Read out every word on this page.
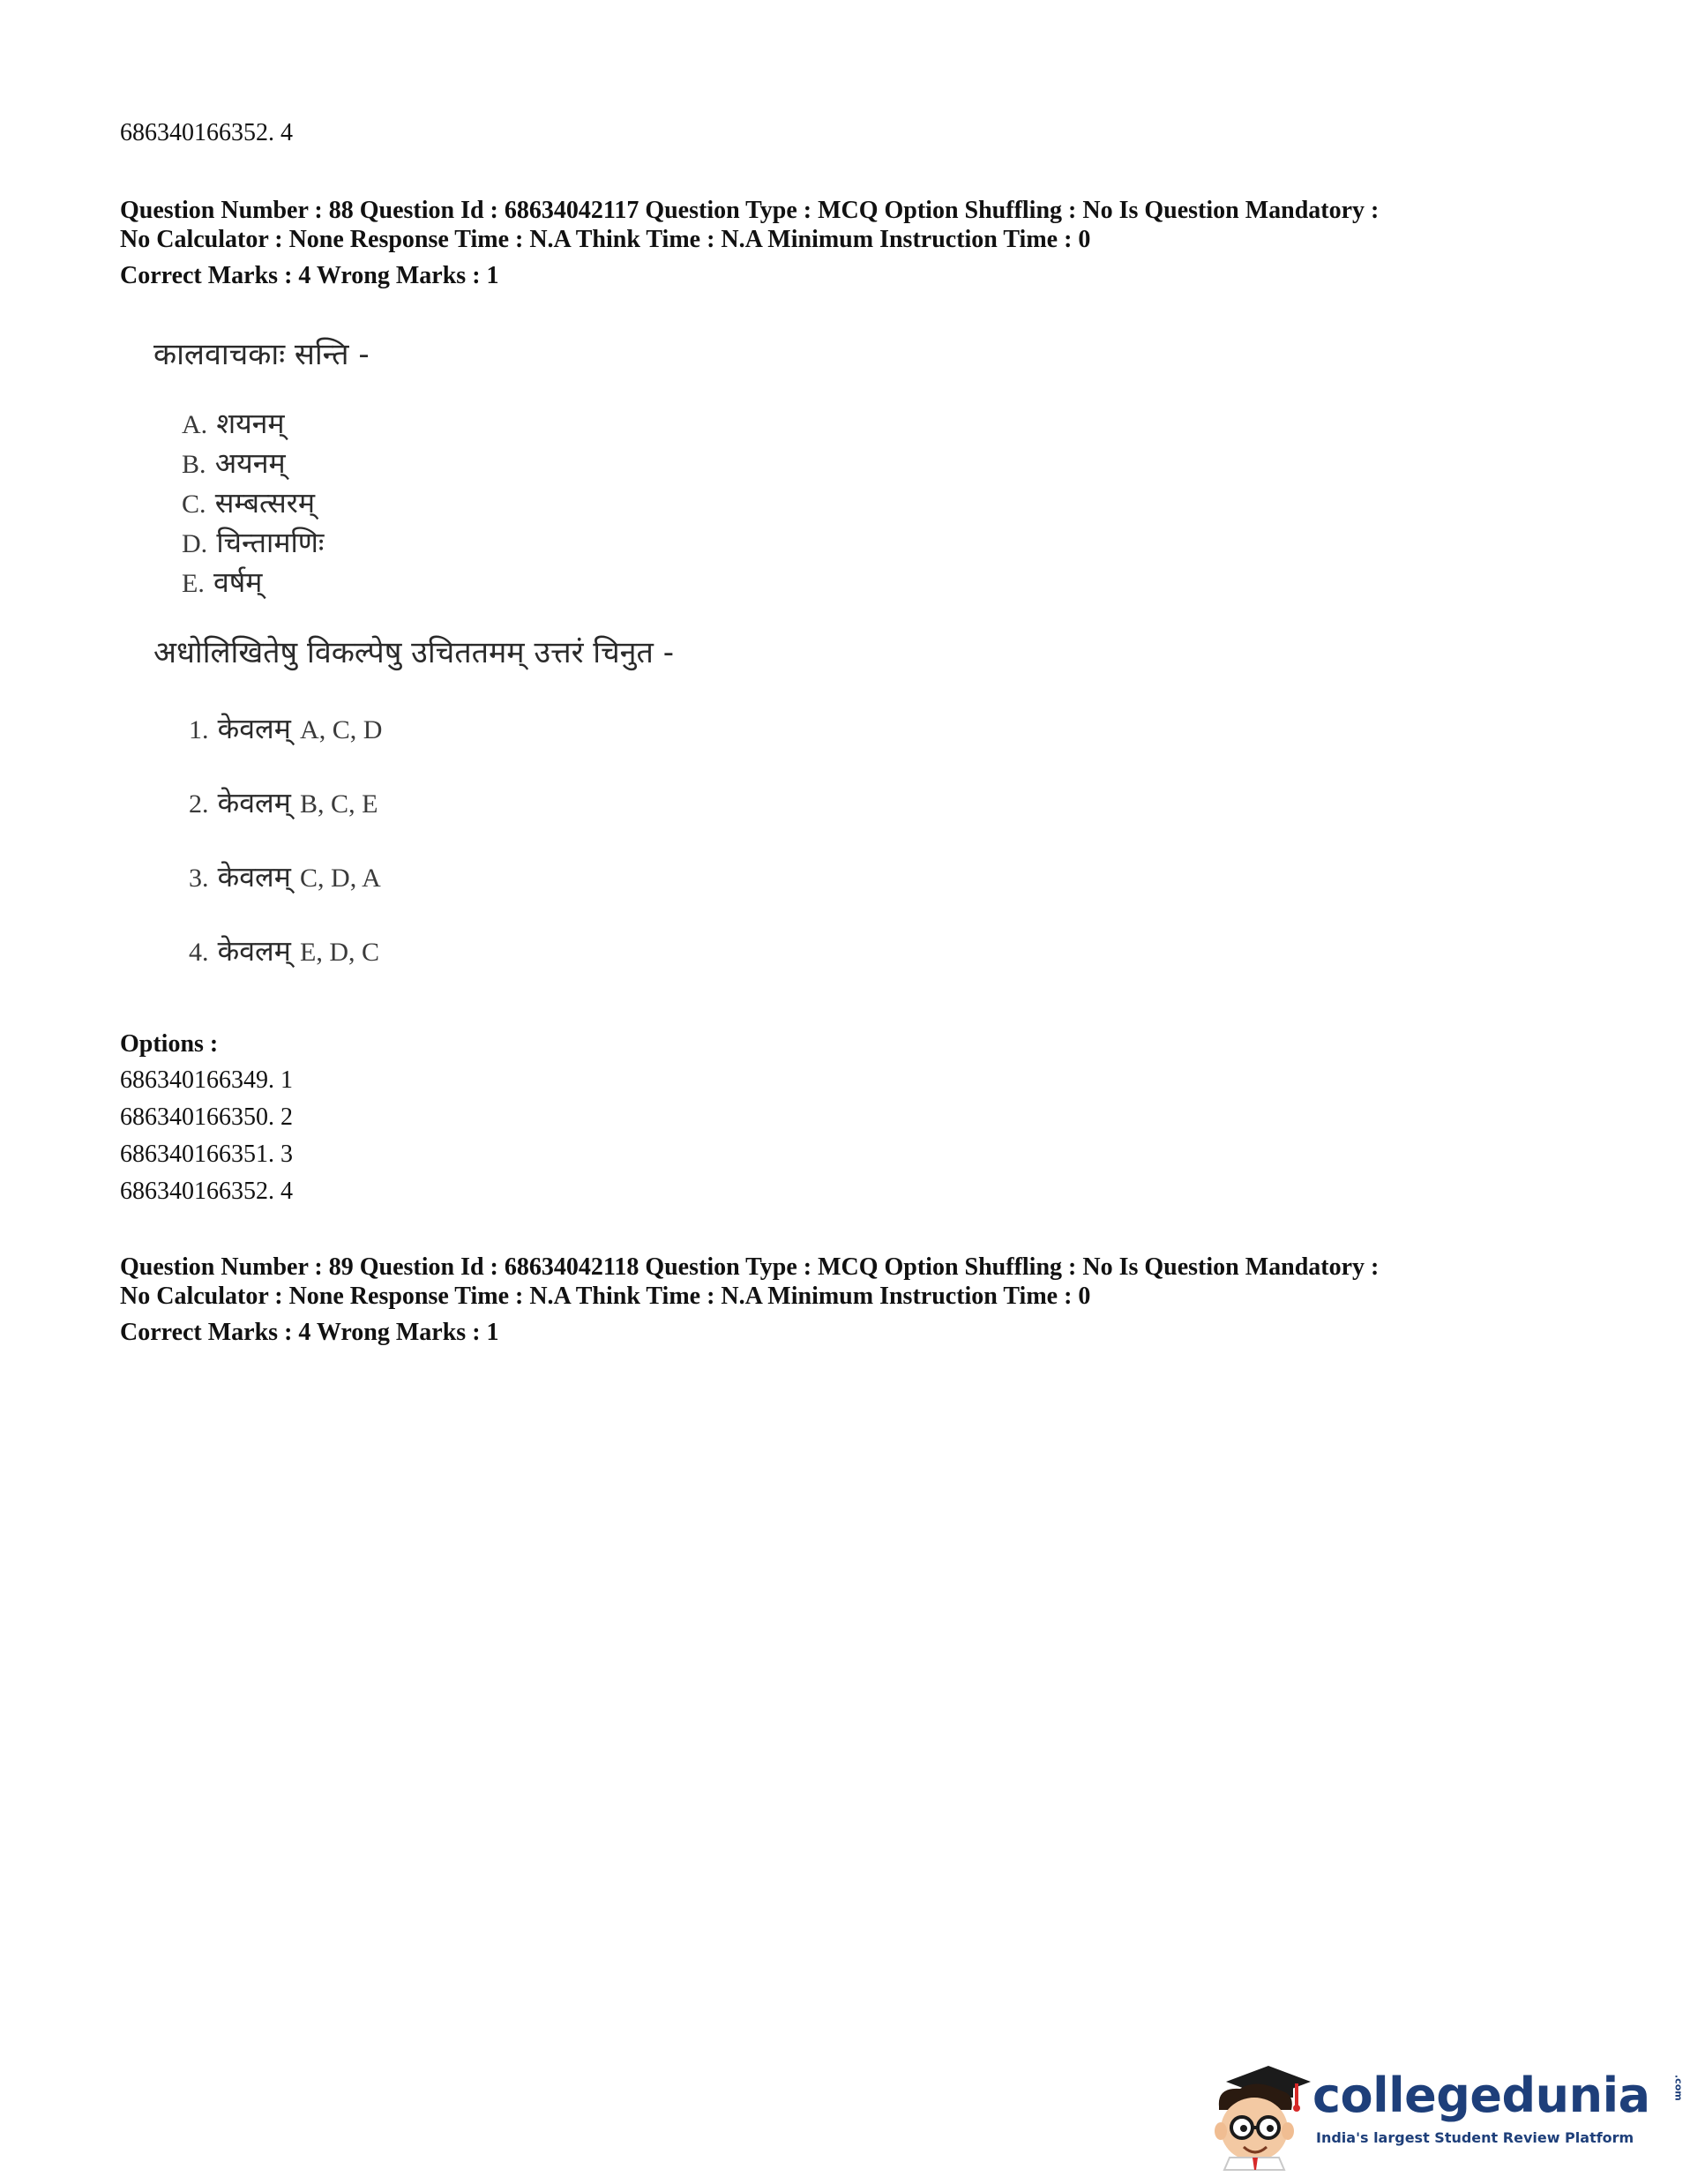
686340166352. 4
Question Number : 88 Question Id : 68634042117 Question Type : MCQ Option Shuffling : No Is Question Mandatory :
No Calculator : None Response Time : N.A Think Time : N.A Minimum Instruction Time : 0
Correct Marks : 4 Wrong Marks : 1
कालवाचकाः सन्ति -
A. शयनम्
B. अयनम्
C. सम्बत्सरम्
D. चिन्तामणिः
E. वर्षम्
अधोलिखितेषु विकल्पेषु उचिततमम् उत्तरं चिनुत -
1. केवलम् A, C, D
2. केवलम् B, C, E
3. केवलम् C, D, A
4. केवलम् E, D, C
Options :
686340166349. 1
686340166350. 2
686340166351. 3
686340166352. 4
Question Number : 89 Question Id : 68634042118 Question Type : MCQ Option Shuffling : No Is Question Mandatory :
No Calculator : None Response Time : N.A Think Time : N.A Minimum Instruction Time : 0
Correct Marks : 4 Wrong Marks : 1
collegedunia .com
India's largest Student Review Platform
